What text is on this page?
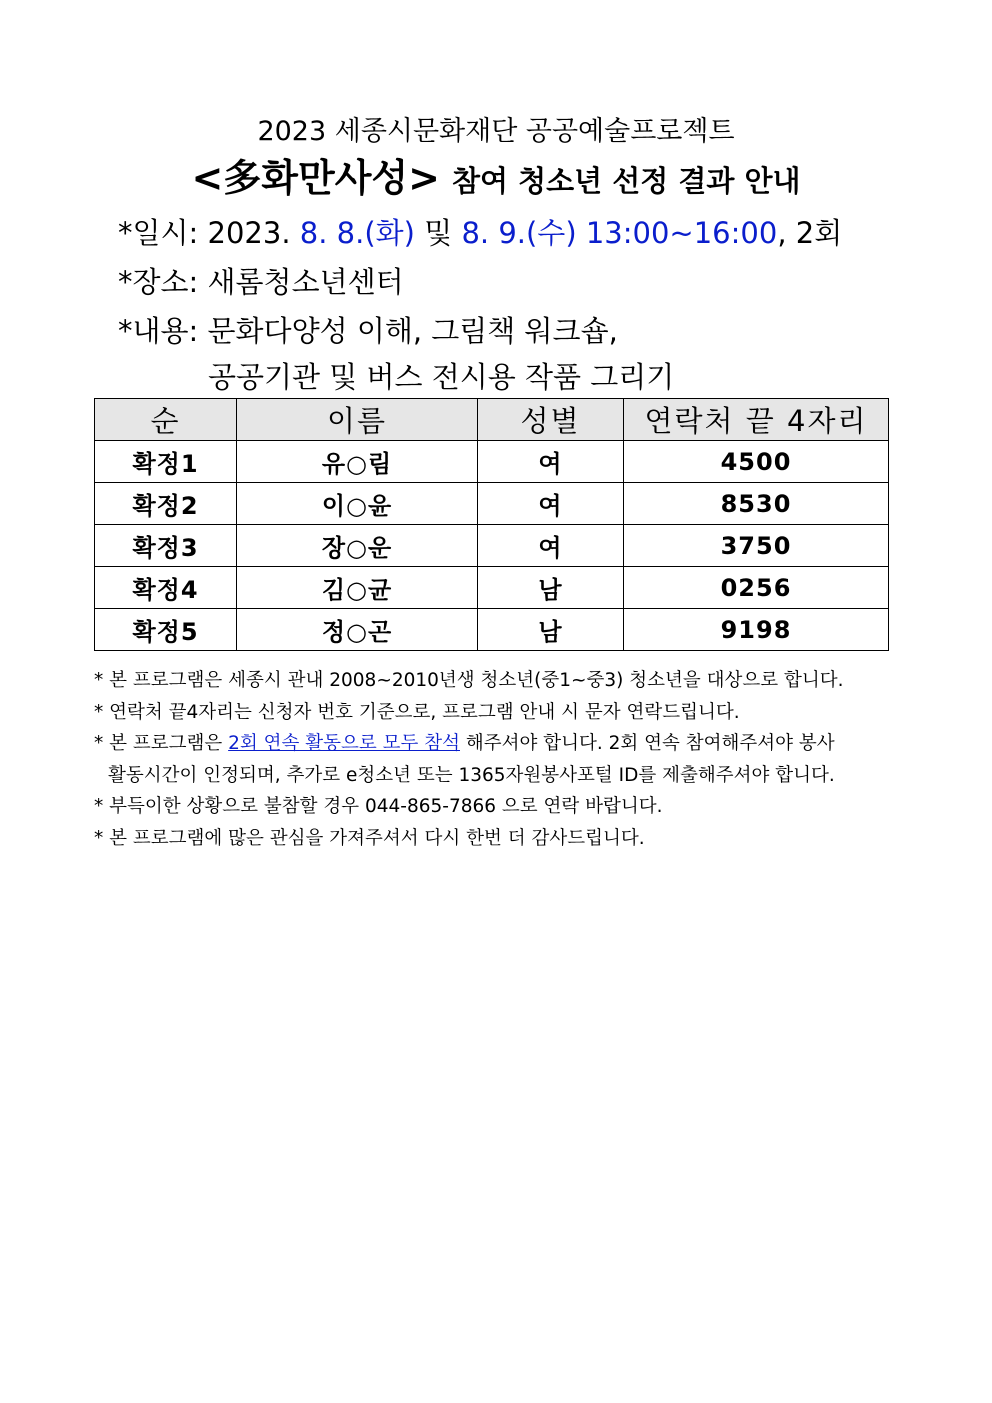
2023 세종시문화재단 공공예술프로젝트
<多화만사성> 참여 청소년 선정 결과 안내
*일시: 2023. 8. 8.(화) 및 8. 9.(수) 13:00~16:00, 2회
*장소: 새롬청소년센터
*내용: 문화다양성 이해, 그림책 워크숍,
공공기관 및 버스 전시용 작품 그리기
순	이름	성별	연락처 끝 4자리
확정1	유○림	여	4500
확정2	이○윤	여	8530
확정3	장○운	여	3750
확정4	김○균	남	0256
확정5	정○곤	남	9198
* 본 프로그램은 세종시 관내 2008~2010년생 청소년(중1~중3) 청소년을 대상으로 합니다.
* 연락처 끝4자리는 신청자 번호 기준으로, 프로그램 안내 시 문자 연락드립니다.
* 본 프로그램은 2회 연속 활동으로 모두 참석 해주셔야 합니다. 2회 연속 참여해주셔야 봉사
활동시간이 인정되며, 추가로 e청소년 또는 1365자원봉사포털 ID를 제출해주셔야 합니다.
* 부득이한 상황으로 불참할 경우 044-865-7866 으로 연락 바랍니다.
* 본 프로그램에 많은 관심을 가져주셔서 다시 한번 더 감사드립니다.
